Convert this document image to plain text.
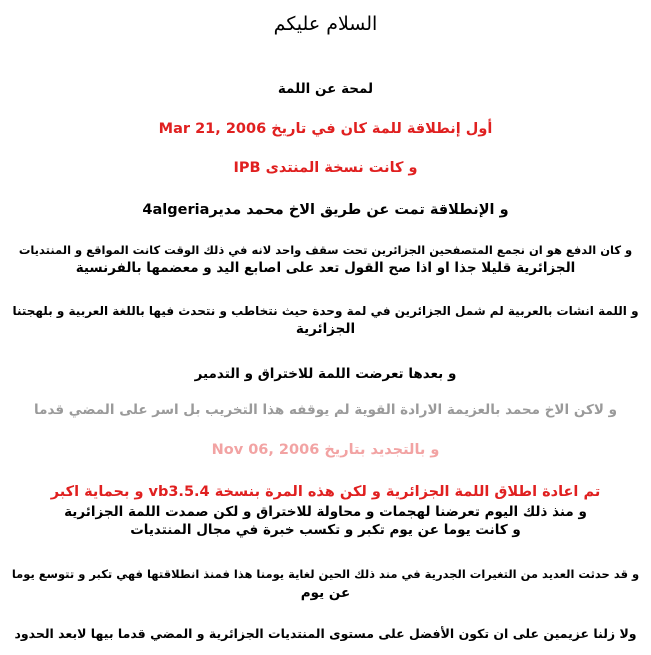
السلام عليكم
لمحة عن اللمة
أول إنطلاقة للمة كان في تاريخ Mar 21, 2006
و كانت نسخة المنتدى IPB
و الإنطلاقة تمت عن طريق الاخ محمد مدير4algeria
و كان الدفع هو ان نجمع المتصفحين الجزائرين تحت سقف واحد لانه في ذلك الوقت كانت المواقع و المنتديات
الجزائرية قليلا جذا او اذا صح القول تعد على اصابع اليد و معضمها بالفرنسية
و اللمة انشات بالعربية لم شمل الجزائرين في لمة وحدة حيث نتخاطب و نتحدث فيها باللغة العربية و بلهجتنا
الجزائرية
و بعدها تعرضت اللمة للاختراق و التدمير
و لاكن الاخ محمد بالعزيمة الارادة القوية لم يوقفه هذا التخريب بل اسر على المضي قدما
و بالتجديد بتاريخ Nov 06, 2006
تم اعادة اطلاق اللمة الجزائرية و لكن هذه المرة بنسخة vb3.5.4 و بحماية اكبر
و منذ ذلك اليوم تعرضنا لهجمات و محاولة للاختراق و لكن صمدت اللمة الجزائرية
و كانت يوما عن يوم تكبر و تكسب خبرة في مجال المنتديات
و قد حدثت العديد من التغيرات الجدرية في مند ذلك الحين لغاية يومنا هذا فمنذ انطلاقتها فهي تكبر و تتوسع يوما
عن يوم
ولا زلنا عزيمين على ان تكون الأفضل على مستوى المنتديات الجزائرية و المضي قدما بيها لابعد الحدود
